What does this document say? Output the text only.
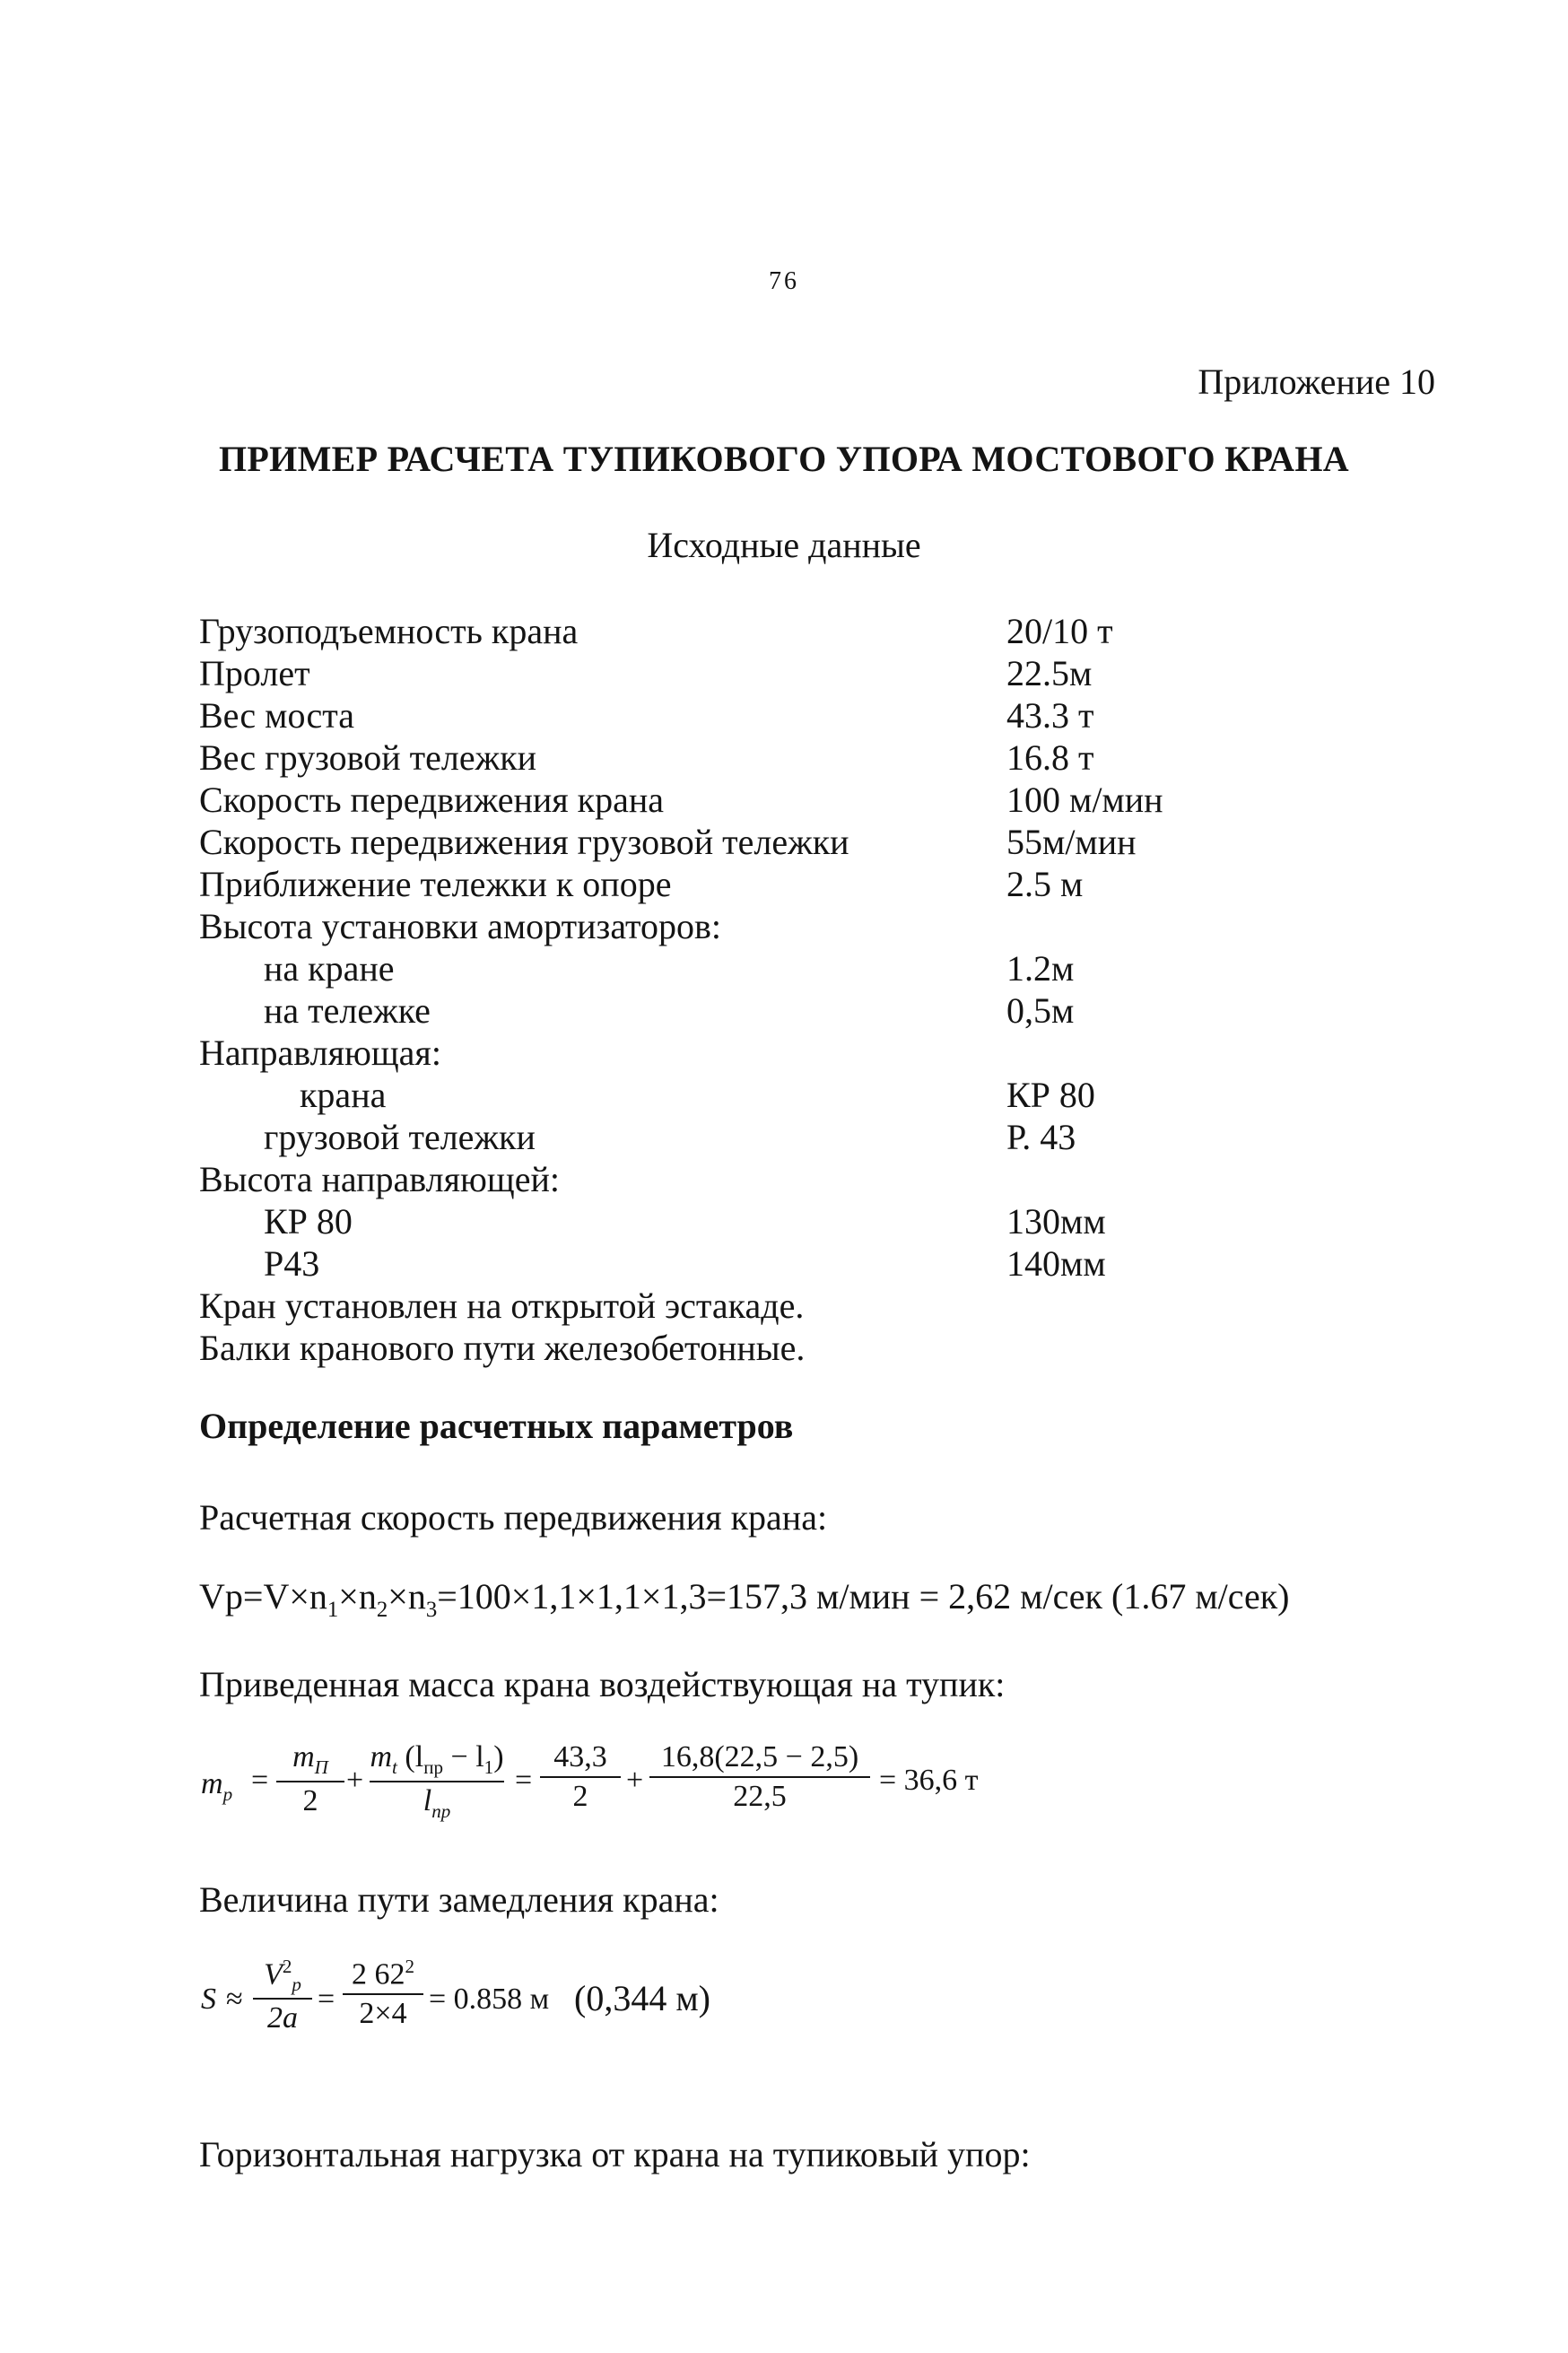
76
Приложение 10
ПРИМЕР РАСЧЕТА ТУПИКОВОГО УПОРА МОСТОВОГО КРАНА
Исходные данные
Грузоподъемность крана	20/10 т
Пролет	22.5м
Вес моста	43.3 т
Вес грузовой тележки	16.8 т
Скорость передвижения крана	100 м/мин
Скорость передвижения грузовой тележки	55м/мин
Приближение тележки к опоре	2.5 м
Высота установки амортизаторов:
на кране	1.2м
на тележке	0,5м
Направляющая:
крана	КР 80
грузовой тележки	Р. 43
Высота направляющей:
КР 80	130мм
Р43	140мм
Кран установлен на открытой эстакаде.
Балки кранового пути железобетонные.
Определение расчетных параметров
Расчетная скорость передвижения крана:
$Vp=V\times n_1\times n_2\times n_3=100\times 1,1\times 1,1\times 1,3=157,3$ м/мин = 2,62 м/сек (1.67 м/сек)
Приведенная масса крана воздействующая на тупик:
$m_p$ =
$m_П$
2
+
$m_t$ $(l_{пр} - l_1)$
$l_{пр}$
=
43,3
2	+
16,8(22,5 − 2,5)
22,5	= 36,6 т
Величина пути замедления крана:
S ≈
$V^2_p$
2a
=
2 $62^2$
2×4 = 0.858 м (0,344 м)
Горизонтальная нагрузка от крана на тупиковый упор:
